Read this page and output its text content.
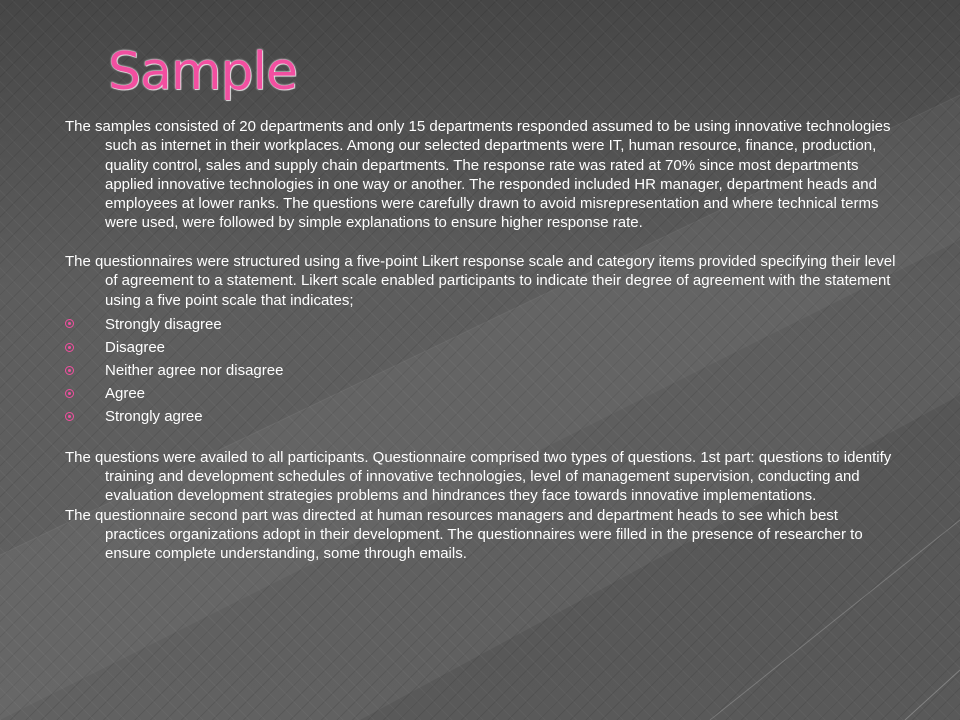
Sample

The samples consisted of 20 departments and only 15 departments responded assumed to be using innovative technologies such as internet in their workplaces. Among our selected departments were IT, human resource, finance, production, quality control, sales and supply chain departments. The response rate was rated at 70% since most departments applied innovative technologies in one way or another. The responded included HR manager, department heads and employees at lower ranks. The questions were carefully drawn to avoid misrepresentation and where technical terms were used, were followed by simple explanations to ensure higher response rate.

The questionnaires were structured using a five-point Likert response scale and category items provided specifying their level of agreement to a statement. Likert scale enabled participants to indicate their degree of agreement with the statement using a five point scale that indicates;

Strongly disagree
Disagree
Neither agree nor disagree
Agree
Strongly agree

The questions were availed to all participants. Questionnaire comprised two types of questions. 1st part: questions to identify training and development schedules of innovative technologies, level of management supervision, conducting and evaluation development strategies problems and hindrances they face towards innovative implementations.

The questionnaire second part was directed at human resources managers and department heads to see which best practices organizations adopt in their development. The questionnaires were filled in the presence of researcher to ensure complete understanding, some through emails.
